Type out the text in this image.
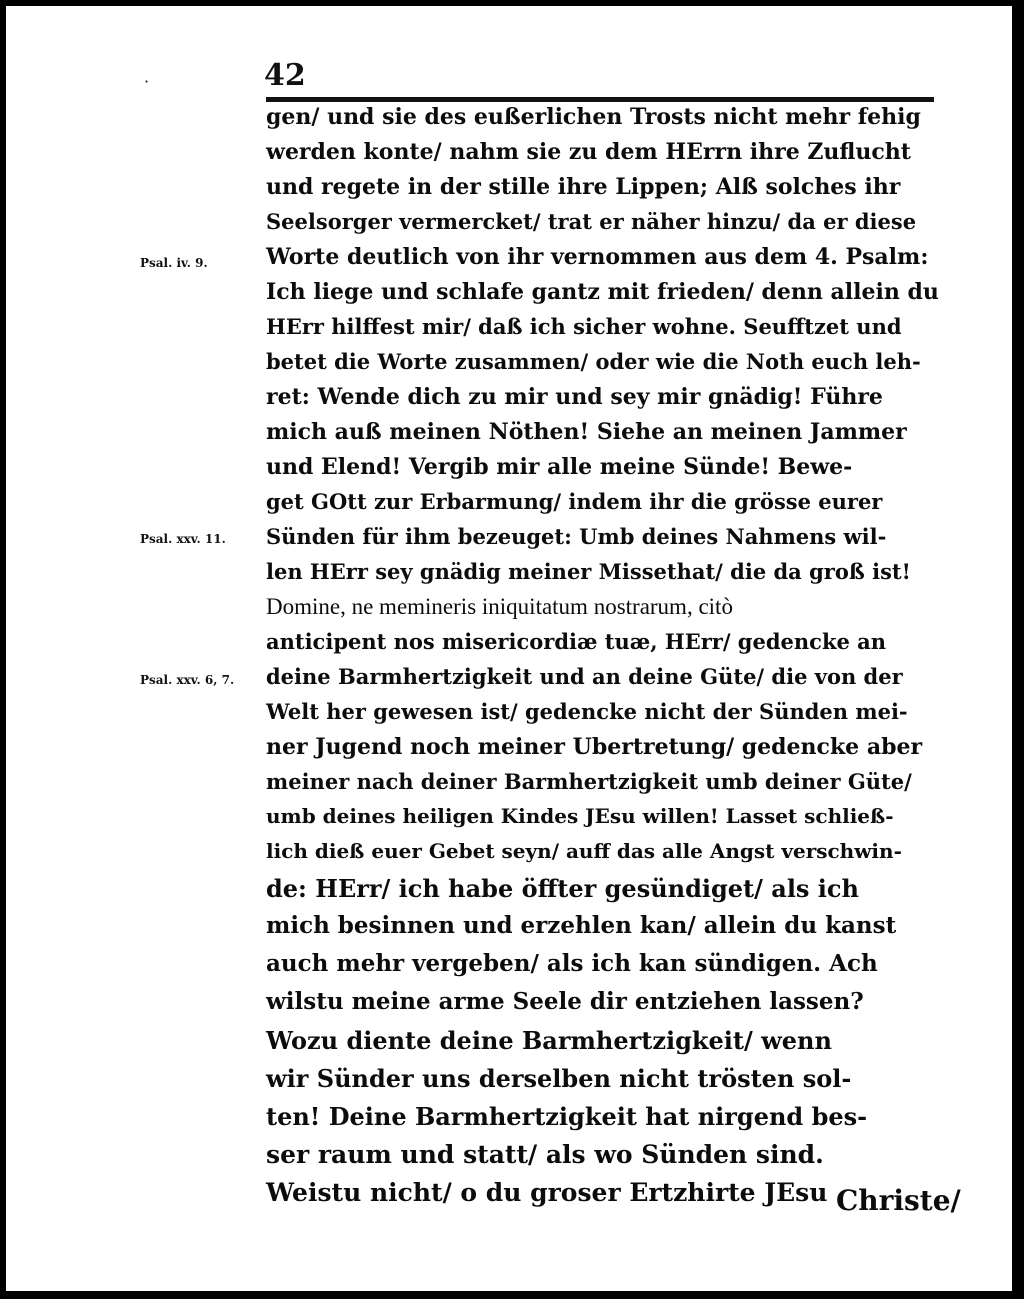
42
·
Psal. iv. 9.
Psal. xxv. 11.
Psal. xxv. 6, 7.
gen/ und sie des eußerlichen Trosts nicht mehr fehig
werden konte/ nahm sie zu dem HErrn ihre Zuflucht
und regete in der stille ihre Lippen; Alß solches ihr
Seelsorger vermercket/ trat er näher hinzu/ da er diese
Worte deutlich von ihr vernommen aus dem 4. Psalm:
Ich liege und schlafe gantz mit frieden/ denn allein du
HErr hilffest mir/ daß ich sicher wohne. Seufftzet und
betet die Worte zusammen/ oder wie die Noth euch leh-
ret: Wende dich zu mir und sey mir gnädig! Führe
mich auß meinen Nöthen! Siehe an meinen Jammer
und Elend! Vergib mir alle meine Sünde! Bewe-
get GOtt zur Erbarmung/ indem ihr die grösse eurer
Sünden für ihm bezeuget: Umb deines Nahmens wil-
len HErr sey gnädig meiner Missethat/ die da groß ist!
Domine, ne memineris iniquitatum nostrarum, citò
anticipent nos misericordiæ tuæ, HErr/ gedencke an
deine Barmhertzigkeit und an deine Güte/ die von der
Welt her gewesen ist/ gedencke nicht der Sünden mei-
ner Jugend noch meiner Ubertretung/ gedencke aber
meiner nach deiner Barmhertzigkeit umb deiner Güte/
umb deines heiligen Kindes JEsu willen! Lasset schließ-
lich dieß euer Gebet seyn/ auff das alle Angst verschwin-
de: HErr/ ich habe öffter gesündiget/ als ich
mich besinnen und erzehlen kan/ allein du kanst
auch mehr vergeben/ als ich kan sündigen. Ach
wilstu meine arme Seele dir entziehen lassen?
Wozu diente deine Barmhertzigkeit/ wenn
wir Sünder uns derselben nicht trösten sol-
ten! Deine Barmhertzigkeit hat nirgend bes-
ser raum und statt/ als wo Sünden sind.
Weistu nicht/ o du groser Ertzhirte JEsu Christe/
